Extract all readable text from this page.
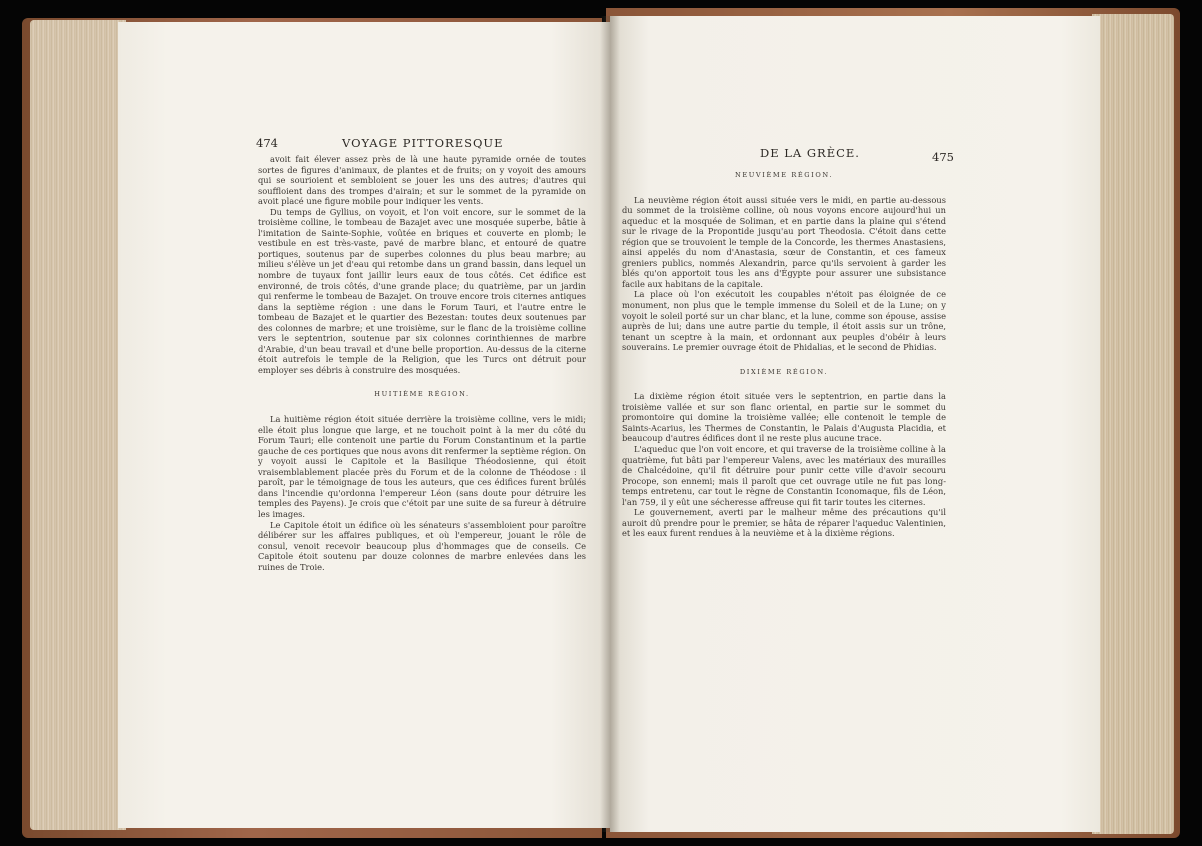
474	VOYAGE PITTORESQUE

avoit fait élever assez près de là une haute pyramide ornée de toutes sortes de figures d'animaux, de plantes et de fruits; on y voyoit des amours qui se sourioient et sembloient se jouer les uns des autres; d'autres qui souffloient dans des trompes d'airain; et sur le sommet de la pyramide on avoit placé une figure mobile pour indiquer les vents.

Du temps de Gyllius, on voyoit, et l'on voit encore, sur le sommet de la troisième colline, le tombeau de Bazajet avec une mosquée superbe, bâtie à l'imitation de Sainte-Sophie, voûtée en briques et couverte en plomb; le vestibule en est très-vaste, pavé de marbre blanc, et entouré de quatre portiques, soutenus par de superbes colonnes du plus beau marbre; au milieu s'élève un jet d'eau qui retombe dans un grand bassin, dans lequel un nombre de tuyaux font jaillir leurs eaux de tous côtés. Cet édifice est environné, de trois côtés, d'une grande place; du quatrième, par un jardin qui renferme le tombeau de Bazajet. On trouve encore trois citernes antiques dans la septième région : une dans le Forum Tauri, et l'autre entre le tombeau de Bazajet et le quartier des Bezestan: toutes deux soutenues par des colonnes de marbre; et une troisième, sur le flanc de la troisième colline vers le septentrion, soutenue par six colonnes corinthiennes de marbre d'Arabie, d'un beau travail et d'une belle proportion. Au-dessus de la citerne étoit autrefois le temple de la Religion, que les Turcs ont détruit pour employer ses débris à construire des mosquées.

HUITIÈME RÉGION.

La huitième région étoit située derrière la troisième colline, vers le midi; elle étoit plus longue que large, et ne touchoit point à la mer du côté du Forum Tauri; elle contenoit une partie du Forum Constantinum et la partie gauche de ces portiques que nous avons dit renfermer la septième région. On y voyoit aussi le Capitole et la Basilique Théodosienne, qui étoit vraisemblablement placée près du Forum et de la colonne de Théodose : il paroît, par le témoignage de tous les auteurs, que ces édifices furent brûlés dans l'incendie qu'ordonna l'empereur Léon (sans doute pour détruire les temples des Payens). Je crois que c'étoit par une suite de sa fureur à détruire les images.

Le Capitole étoit un édifice où les sénateurs s'assembloient pour paroître délibérer sur les affaires publiques, et où l'empereur, jouant le rôle de consul, venoit recevoir beaucoup plus d'hommages que de conseils. Ce Capitole étoit soutenu par douze colonnes de marbre enlevées dans les ruines de Troie.

DE LA GRÈCE.	475
NEUVIÈME RÉGION.

La neuvième région étoit aussi située vers le midi, en partie au-dessous du sommet de la troisième colline, où nous voyons encore aujourd'hui un aqueduc et la mosquée de Soliman, et en partie dans la plaine qui s'étend sur le rivage de la Propontide jusqu'au port Theodosia. C'étoit dans cette région que se trouvoient le temple de la Concorde, les thermes Anastasiens, ainsi appelés du nom d'Anastasia, sœur de Constantin, et ces fameux greniers publics, nommés Alexandrin, parce qu'ils servoient à garder les blés qu'on apportoit tous les ans d'Égypte pour assurer une subsistance facile aux habitans de la capitale.

La place où l'on exécutoit les coupables n'étoit pas éloignée de ce monument, non plus que le temple immense du Soleil et de la Lune; on y voyoit le soleil porté sur un char blanc, et la lune, comme son épouse, assise auprès de lui; dans une autre partie du temple, il étoit assis sur un trône, tenant un sceptre à la main, et ordonnant aux peuples d'obéir à leurs souverains. Le premier ouvrage étoit de Phidalias, et le second de Phidias.

DIXIÈME RÉGION.

La dixième région étoit située vers le septentrion, en partie dans la troisième vallée et sur son flanc oriental, en partie sur le sommet du promontoire qui domine la troisième vallée; elle contenoit le temple de Saints-Acarius, les Thermes de Constantin, le Palais d'Augusta Placidia, et beaucoup d'autres édifices dont il ne reste plus aucune trace.

L'aqueduc que l'on voit encore, et qui traverse de la troisième colline à la quatrième, fut bâti par l'empereur Valens, avec les matériaux des murailles de Chalcédoine, qu'il fit détruire pour punir cette ville d'avoir secouru Procope, son ennemi; mais il paroît que cet ouvrage utile ne fut pas long-temps entretenu, car tout le règne de Constantin Iconomaque, fils de Léon, l'an 759, il y eût une sécheresse affreuse qui fit tarir toutes les citernes.

Le gouvernement, averti par le malheur même des précautions qu'il auroit dû prendre pour le premier, se hâta de réparer l'aqueduc Valentinien, et les eaux furent rendues à la neuvième et à la dixième régions.
